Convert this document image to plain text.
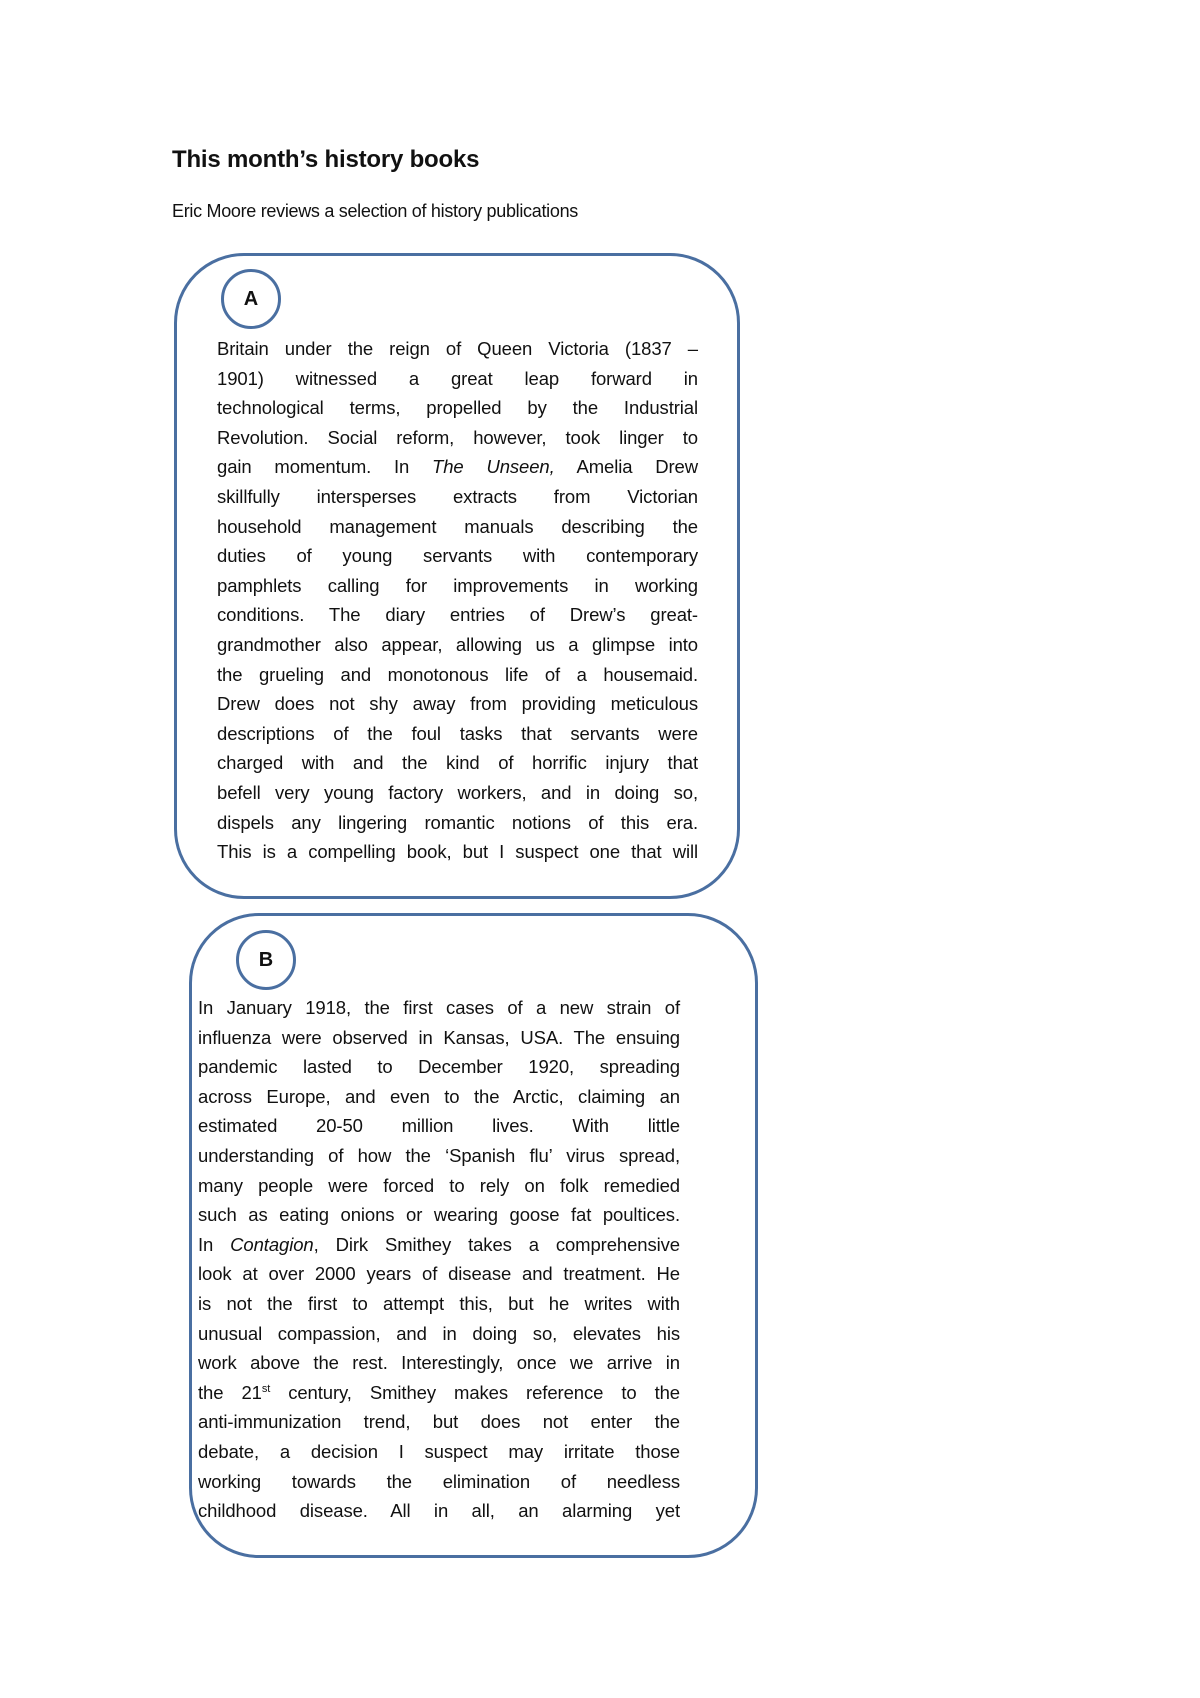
This month’s history books
Eric Moore reviews a selection of history publications
Britain under the reign of Queen Victoria (1837 –
1901) witnessed a great leap forward in
technological terms, propelled by the Industrial
Revolution. Social reform, however, took linger to
gain momentum. In The Unseen, Amelia Drew
skillfully intersperses extracts from Victorian
household management manuals describing the
duties of young servants with contemporary
pamphlets calling for improvements in working
conditions. The diary entries of Drew’s great-
grandmother also appear, allowing us a glimpse into
the grueling and monotonous life of a housemaid.
Drew does not shy away from providing meticulous
descriptions of the foul tasks that servants were
charged with and the kind of horrific injury that
befell very young factory workers, and in doing so,
dispels any lingering romantic notions of this era.
This is a compelling book, but I suspect one that will
A
In January 1918, the first cases of a new strain of
influenza were observed in Kansas, USA. The ensuing
pandemic lasted to December 1920, spreading
across Europe, and even to the Arctic, claiming an
estimated 20-50 million lives. With little
understanding of how the ‘Spanish flu’ virus spread,
many people were forced to rely on folk remedied
such as eating onions or wearing goose fat poultices.
In Contagion, Dirk Smithey takes a comprehensive
look at over 2000 years of disease and treatment. He
is not the first to attempt this, but he writes with
unusual compassion, and in doing so, elevates his
work above the rest. Interestingly, once we arrive in
the 21st century, Smithey makes reference to the
anti-immunization trend, but does not enter the
debate, a decision I suspect may irritate those
working towards the elimination of needless
childhood disease. All in all, an alarming yet
B
